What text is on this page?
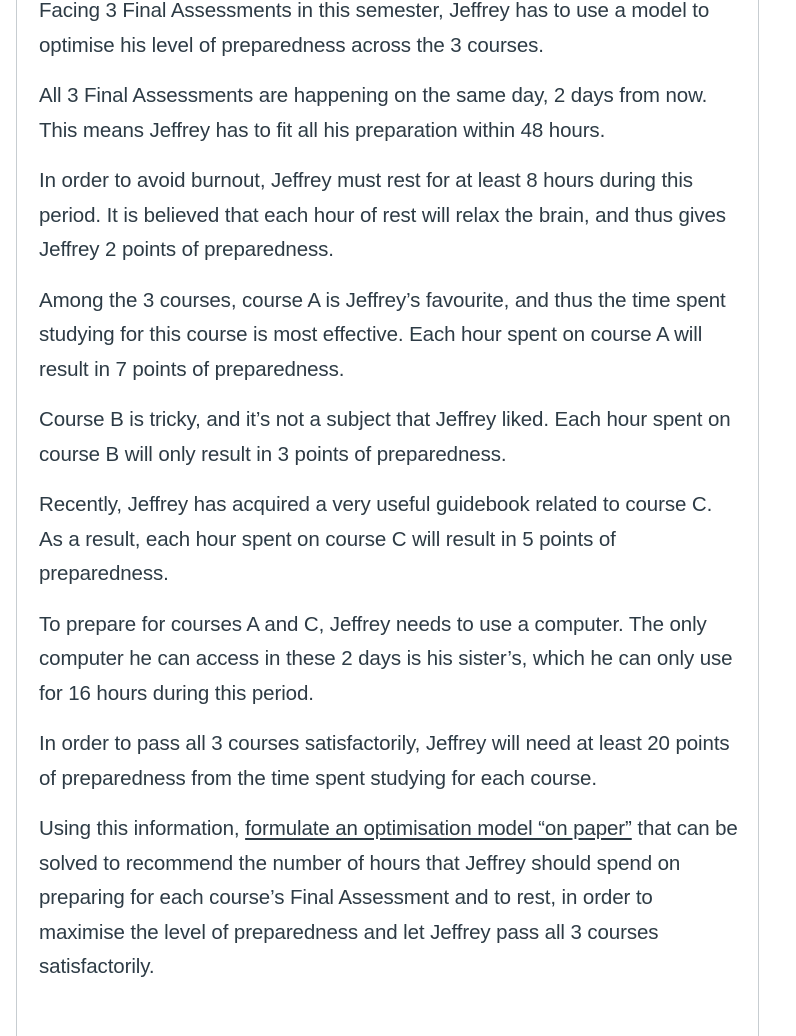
Facing 3 Final Assessments in this semester, Jeffrey has to use a model to optimise his level of preparedness across the 3 courses.

All 3 Final Assessments are happening on the same day, 2 days from now. This means Jeffrey has to fit all his preparation within 48 hours.

In order to avoid burnout, Jeffrey must rest for at least 8 hours during this period. It is believed that each hour of rest will relax the brain, and thus gives Jeffrey 2 points of preparedness.

Among the 3 courses, course A is Jeffrey’s favourite, and thus the time spent studying for this course is most effective. Each hour spent on course A will result in 7 points of preparedness.

Course B is tricky, and it’s not a subject that Jeffrey liked. Each hour spent on course B will only result in 3 points of preparedness.

Recently, Jeffrey has acquired a very useful guidebook related to course C. As a result, each hour spent on course C will result in 5 points of preparedness.

To prepare for courses A and C, Jeffrey needs to use a computer. The only computer he can access in these 2 days is his sister’s, which he can only use for 16 hours during this period.

In order to pass all 3 courses satisfactorily, Jeffrey will need at least 20 points of preparedness from the time spent studying for each course.

Using this information, formulate an optimisation model “on paper” that can be solved to recommend the number of hours that Jeffrey should spend on preparing for each course’s Final Assessment and to rest, in order to maximise the level of preparedness and let Jeffrey pass all 3 courses satisfactorily.
